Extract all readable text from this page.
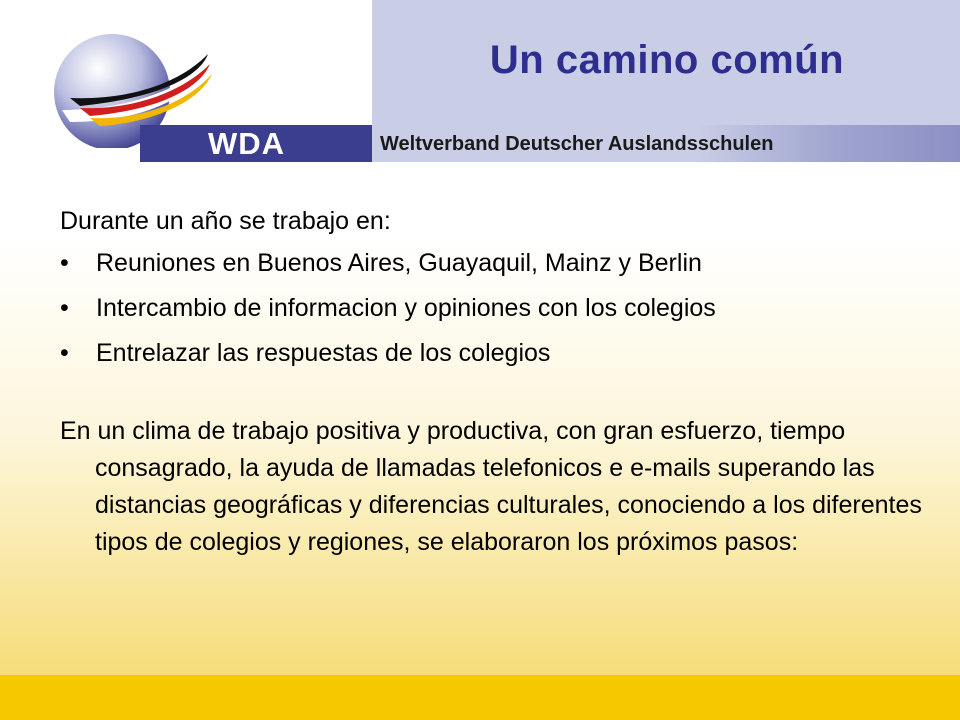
Un camino común
WDA	Weltverband Deutscher Auslandsschulen

Durante un año se trabajo en:

• Reuniones en Buenos Aires, Guayaquil, Mainz y Berlin
• Intercambio de informacion y opiniones con los colegios
• Entrelazar las respuestas de los colegios

En un clima de trabajo positiva y productiva, con gran esfuerzo, tiempo consagrado, la ayuda de llamadas telefonicos e e-mails superando las distancias geográficas y diferencias culturales, conociendo a los diferentes tipos de colegios y regiones, se elaboraron los próximos pasos:
